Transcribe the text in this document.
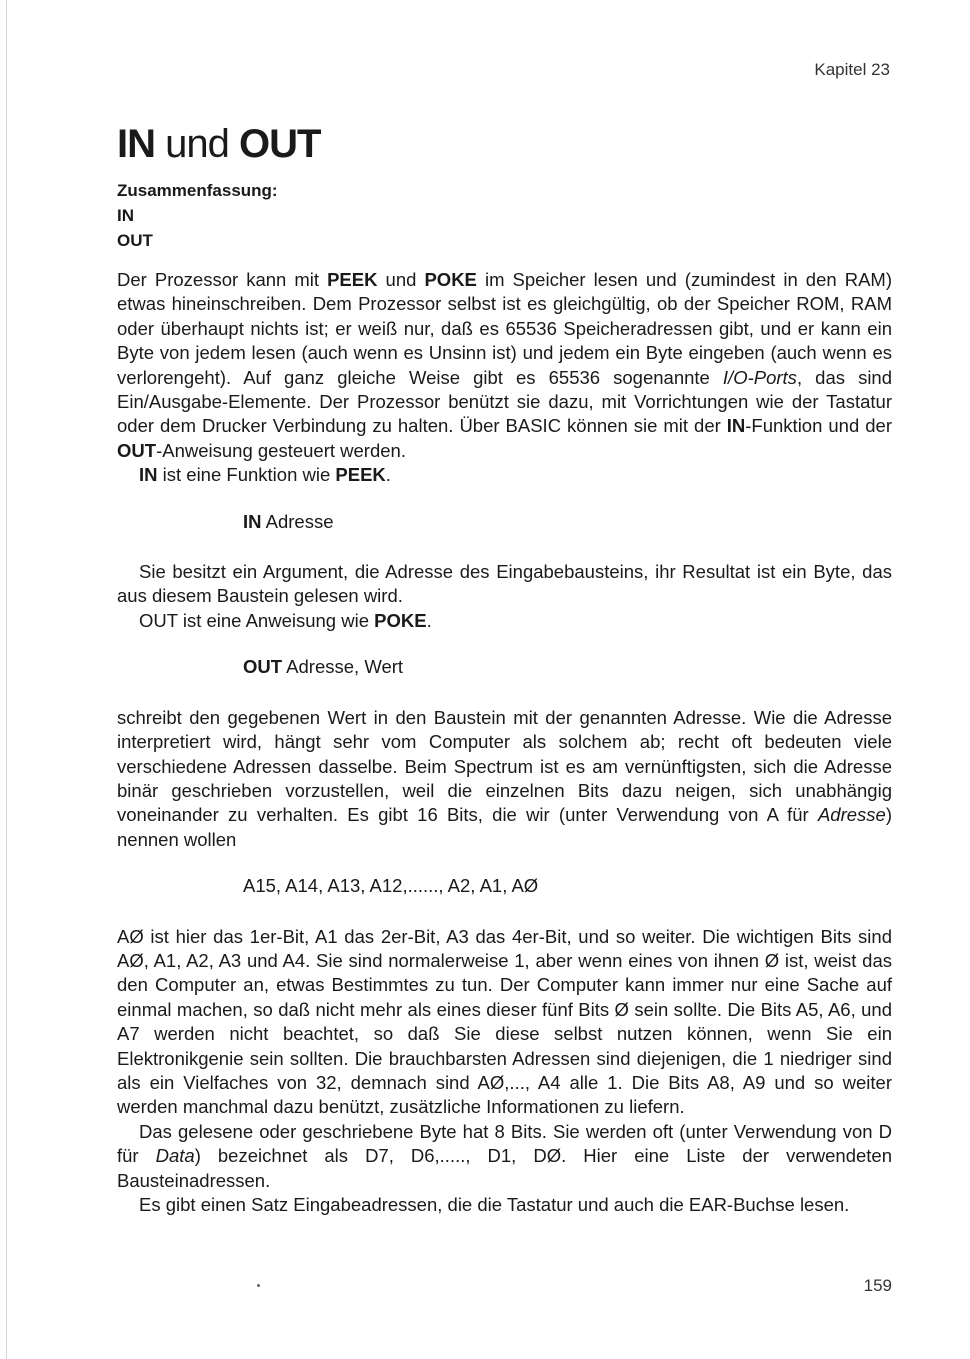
Kapitel 23
IN und OUT
Zusammenfassung:
IN
OUT

Der Prozessor kann mit PEEK und POKE im Speicher lesen und (zumindest in den RAM) etwas hineinschreiben. Dem Prozessor selbst ist es gleichgültig, ob der Speicher ROM, RAM oder überhaupt nichts ist; er weiß nur, daß es 65536 Speicheradressen gibt, und er kann ein Byte von jedem lesen (auch wenn es Unsinn ist) und jedem ein Byte eingeben (auch wenn es verlorengeht). Auf ganz gleiche Weise gibt es 65536 sogenannte I/O-Ports, das sind Ein/Ausgabe-Elemente. Der Prozessor benützt sie dazu, mit Vorrichtungen wie der Tastatur oder dem Drucker Verbindung zu halten. Über BASIC können sie mit der IN-Funktion und der OUT-Anweisung gesteuert werden.

IN ist eine Funktion wie PEEK.

IN Adresse

Sie besitzt ein Argument, die Adresse des Eingabebausteins, ihr Resultat ist ein Byte, das aus diesem Baustein gelesen wird.

OUT ist eine Anweisung wie POKE.

OUT Adresse, Wert

schreibt den gegebenen Wert in den Baustein mit der genannten Adresse. Wie die Adresse interpretiert wird, hängt sehr vom Computer als solchem ab; recht oft bedeuten viele verschiedene Adressen dasselbe. Beim Spectrum ist es am vernünftigsten, sich die Adresse binär geschrieben vorzustellen, weil die einzelnen Bits dazu neigen, sich unabhängig voneinander zu verhalten. Es gibt 16 Bits, die wir (unter Verwendung von A für Adresse) nennen wollen

A15, A14, A13, A12,......, A2, A1, AØ

AØ ist hier das 1er-Bit, A1 das 2er-Bit, A3 das 4er-Bit, und so weiter. Die wichtigen Bits sind AØ, A1, A2, A3 und A4. Sie sind normalerweise 1, aber wenn eines von ihnen Ø ist, weist das den Computer an, etwas Bestimmtes zu tun. Der Computer kann immer nur eine Sache auf einmal machen, so daß nicht mehr als eines dieser fünf Bits Ø sein sollte. Die Bits A5, A6, und A7 werden nicht beachtet, so daß Sie diese selbst nutzen können, wenn Sie ein Elektronikgenie sein sollten. Die brauchbarsten Adressen sind diejenigen, die 1 niedriger sind als ein Vielfaches von 32, demnach sind AØ,..., A4 alle 1. Die Bits A8, A9 und so weiter werden manchmal dazu benützt, zusätzliche Informationen zu liefern.

Das gelesene oder geschriebene Byte hat 8 Bits. Sie werden oft (unter Verwendung von D für Data) bezeichnet als D7, D6,....., D1, DØ. Hier eine Liste der verwendeten Bausteinadressen.

Es gibt einen Satz Eingabeadressen, die die Tastatur und auch die EAR-Buchse lesen.

159
